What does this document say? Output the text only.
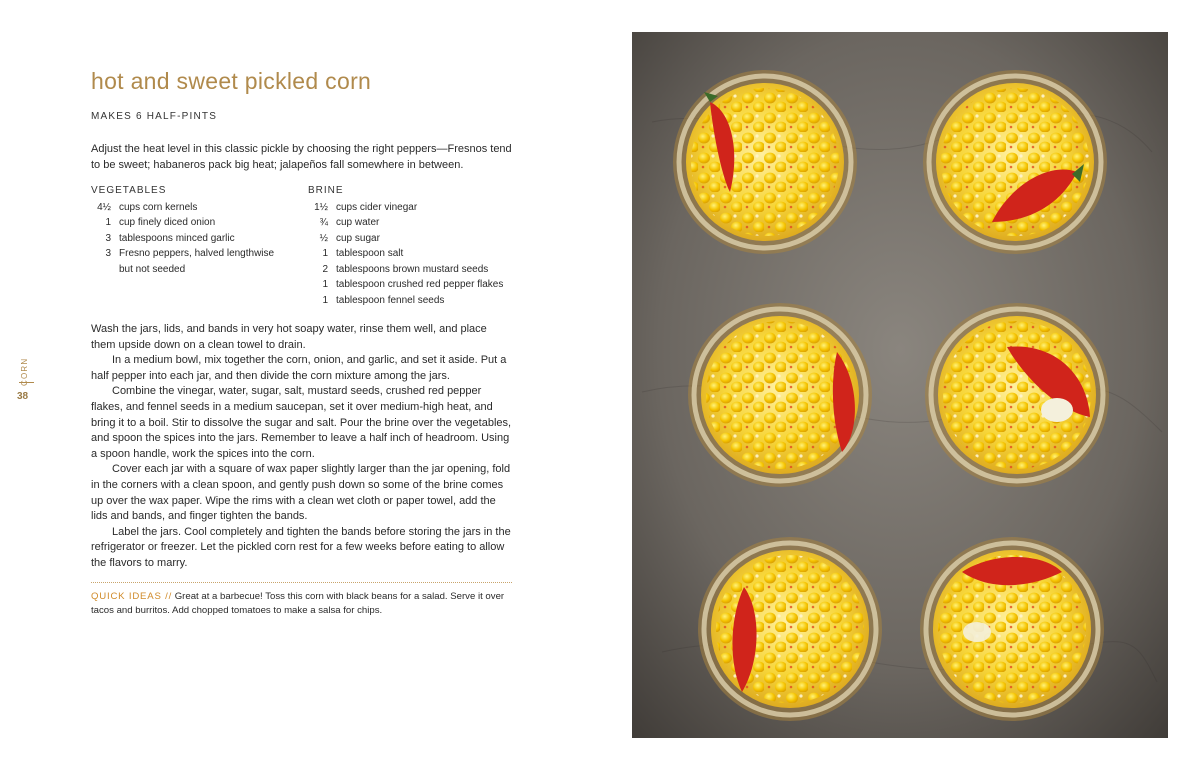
hot and sweet pickled corn
MAKES 6 HALF-PINTS

Adjust the heat level in this classic pickle by choosing the right peppers—Fresnos tend to be sweet; habaneros pack big heat; jalapeños fall somewhere in between.

VEGETABLES
4½ cups corn kernels
1 cup finely diced onion
3 tablespoons minced garlic
3 Fresno peppers, halved lengthwise but not seeded
BRINE
1½ cups cider vinegar
¾ cup water
½ cup sugar
1 tablespoon salt
2 tablespoons brown mustard seeds
1 tablespoon crushed red pepper flakes
1 tablespoon fennel seeds

Wash the jars, lids, and bands in very hot soapy water, rinse them well, and place them upside down on a clean towel to drain.

In a medium bowl, mix together the corn, onion, and garlic, and set it aside. Put a half pepper into each jar, and then divide the corn mixture among the jars.

Combine the vinegar, water, sugar, salt, mustard seeds, crushed red pepper flakes, and fennel seeds in a medium saucepan, set it over medium-high heat, and bring it to a boil. Stir to dissolve the sugar and salt. Pour the brine over the vegetables, and spoon the spices into the jars. Remember to leave a half inch of headroom. Using a spoon handle, work the spices into the corn.

Cover each jar with a square of wax paper slightly larger than the jar opening, fold in the corners with a clean spoon, and gently push down so some of the brine comes up over the wax paper. Wipe the rims with a clean wet cloth or paper towel, add the lids and bands, and finger tighten the bands.

Label the jars. Cool completely and tighten the bands before storing the jars in the refrigerator or freezer. Let the pickled corn rest for a few weeks before eating to allow the flavors to marry.

QUICK IDEAS // Great at a barbecue! Toss this corn with black beans for a salad. Serve it over tacos and burritos. Add chopped tomatoes to make a salsa for chips.
CORN
38
